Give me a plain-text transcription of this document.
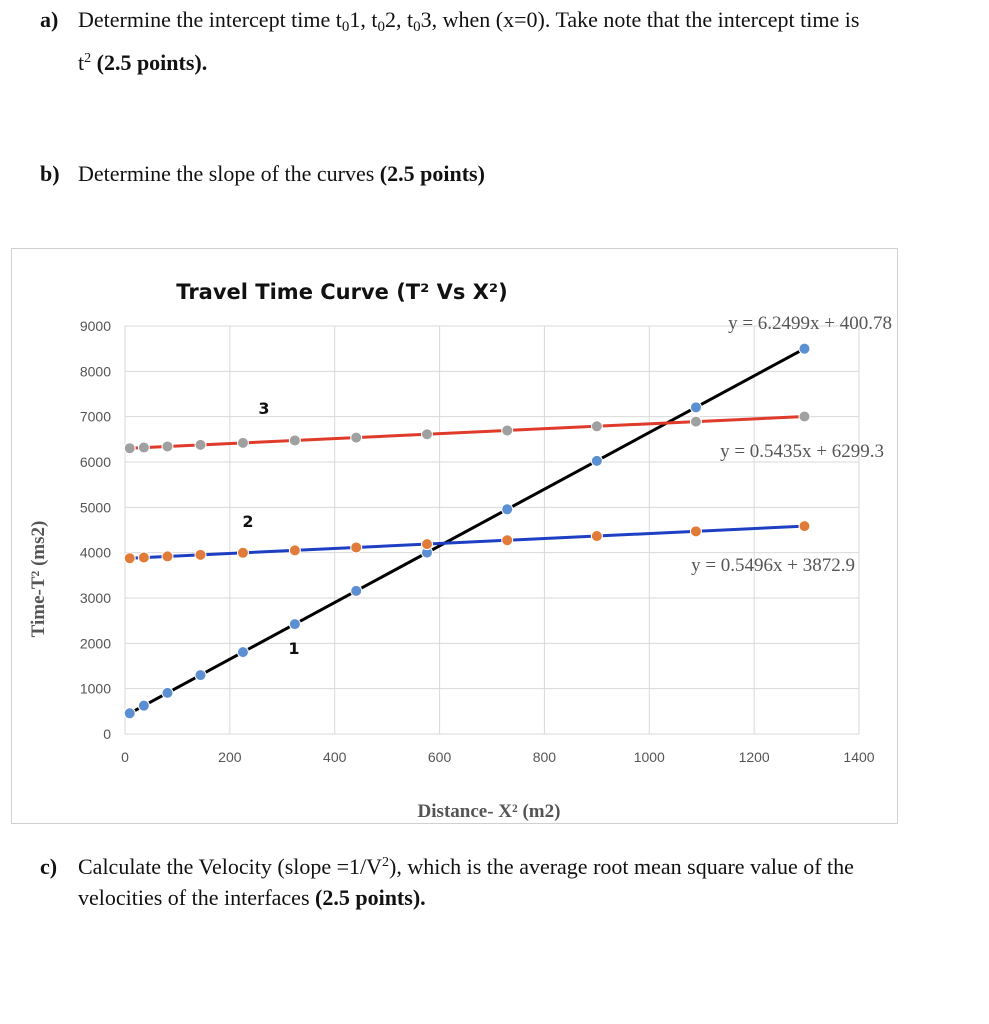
a) Determine the intercept time $t_01$, $t_02$, $t_03$, when (x=0). Take note that the intercept time is
$t^2$ (2.5 points).
b) Determine the slope of the curves (2.5 points)
0
1000
2000
3000
4000
5000
6000
7000
8000
9000
0	200	400	600	800	1000	1200	1400
Travel Time Curve (T² Vs X²)
Distance- X² (m2)
Time-T² (ms2)
y = 6.2499x + 400.78
y = 0.5435x + 6299.3
y = 0.5496x + 3872.9
1
2
3
c) Calculate the Velocity (slope $=1/V^2$), which is the average root mean square value of the
velocities of the interfaces (2.5 points).
